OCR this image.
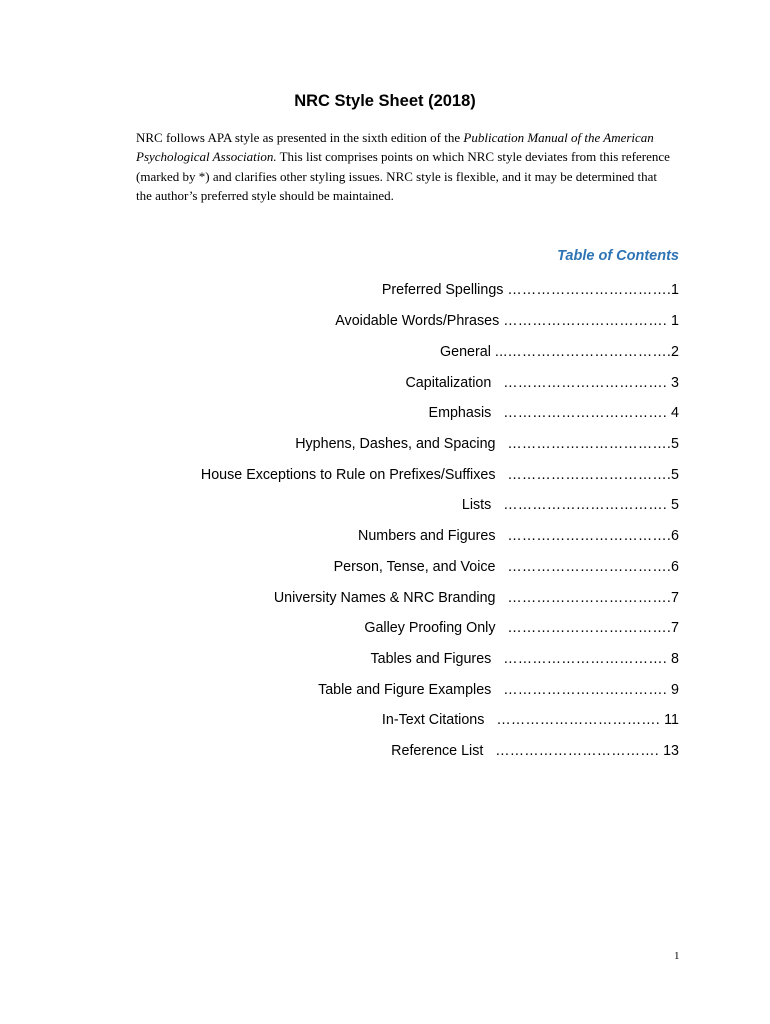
NRC Style Sheet (2018)

NRC follows APA style as presented in the sixth edition of the Publication Manual of the American Psychological Association. This list comprises points on which NRC style deviates from this reference (marked by *) and clarifies other styling issues. NRC style is flexible, and it may be determined that the author’s preferred style should be maintained.

Table of Contents
Preferred Spellings
……………………………. 1
Avoidable Words/Phrases
……………………………. 1
General
...……………………………. 2
Capitalization
……………………………. 3
Emphasis
……………………………. 4
Hyphens, Dashes, and Spacing
……………………………. 5
House Exceptions to Rule on Prefixes/Suffixes
……………………………. 5
Lists
……………………………. 5
Numbers and Figures
……………………………. 6
Person, Tense, and Voice
……………………………. 6
University Names & NRC Branding
……………………………. 7
Galley Proofing Only
……………………………. 7
Tables and Figures
……………………………. 8
Table and Figure Examples
……………………………. 9
In-Text Citations
……………………………. 11
Reference List
……………………………. 13

1
